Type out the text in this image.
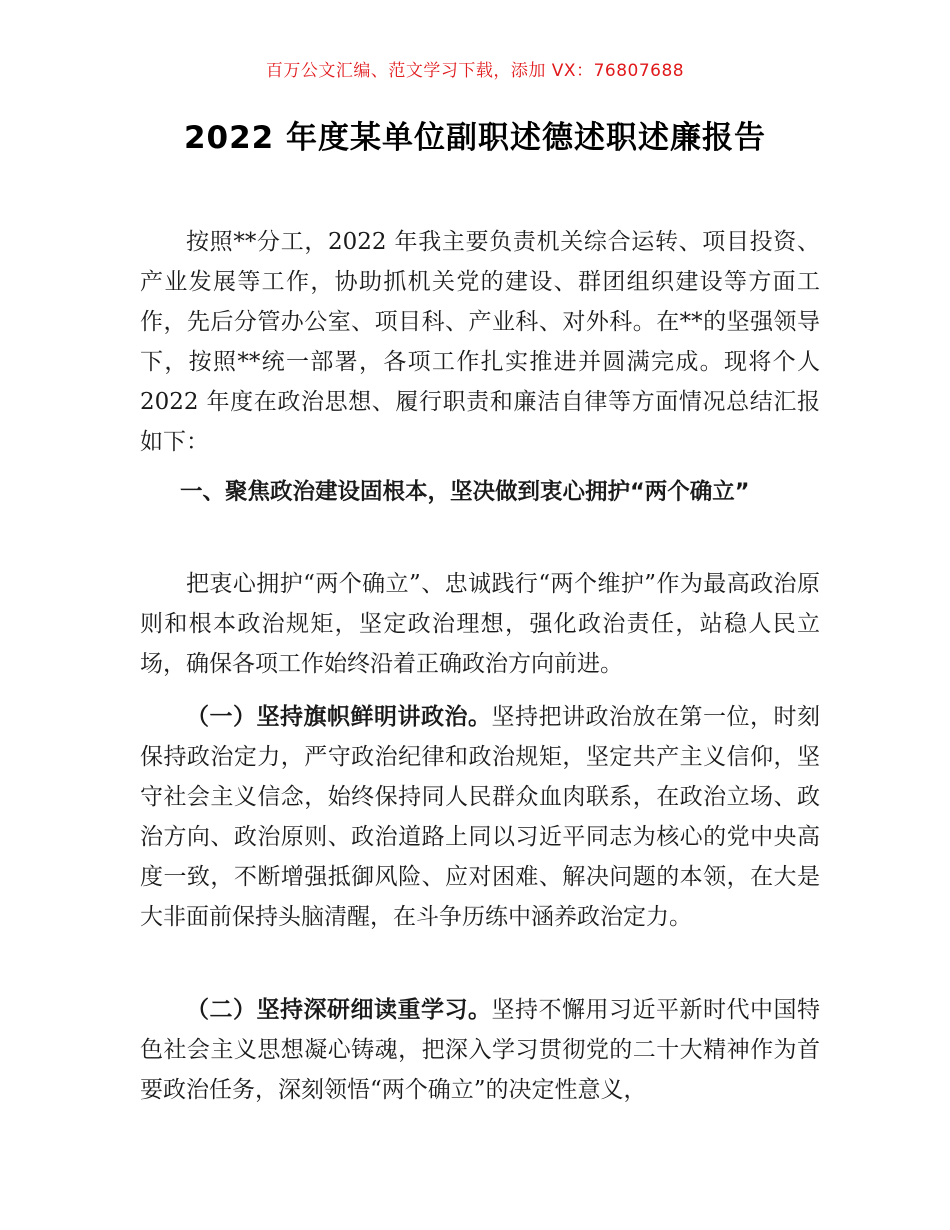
百万公文汇编、范文学习下载，添加 VX：76807688
2022 年度某单位副职述德述职述廉报告

按照**分工，2022 年我主要负责机关综合运转、项目投资、产业发展等工作，协助抓机关党的建设、群团组织建设等方面工作，先后分管办公室、项目科、产业科、对外科。在**的坚强领导下，按照**统一部署，各项工作扎实推进并圆满完成。现将个人 2022 年度在政治思想、履行职责和廉洁自律等方面情况总结汇报如下：

一、聚焦政治建设固根本，坚决做到衷心拥护“两个确立”

把衷心拥护“两个确立”、忠诚践行“两个维护”作为最高政治原则和根本政治规矩，坚定政治理想，强化政治责任，站稳人民立场，确保各项工作始终沿着正确政治方向前进。

（一）坚持旗帜鲜明讲政治。坚持把讲政治放在第一位，时刻保持政治定力，严守政治纪律和政治规矩，坚定共产主义信仰，坚守社会主义信念，始终保持同人民群众血肉联系，在政治立场、政治方向、政治原则、政治道路上同以习近平同志为核心的党中央高度一致，不断增强抵御风险、应对困难、解决问题的本领，在大是大非面前保持头脑清醒，在斗争历练中涵养政治定力。

（二）坚持深研细读重学习。坚持不懈用习近平新时代中国特色社会主义思想凝心铸魂，把深入学习贯彻党的二十大精神作为首要政治任务，深刻领悟“两个确立”的决定性意义，
